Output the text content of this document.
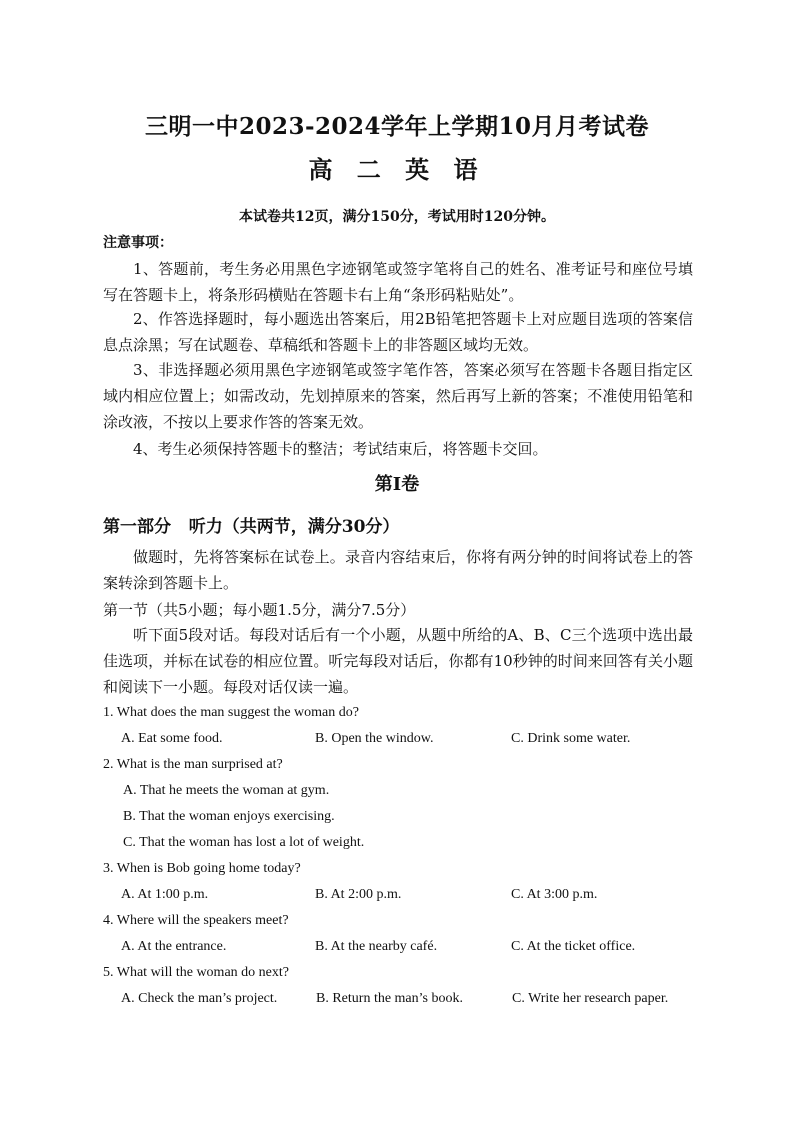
三明一中2023-2024学年上学期10月月考试卷
高 二 英 语
本试卷共12页，满分150分，考试用时120分钟。
注意事项：

1、答题前，考生务必用黑色字迹钢笔或签字笔将自己的姓名、准考证号和座位号填写在答题卡上，将条形码横贴在答题卡右上角“条形码粘贴处”。

2、作答选择题时，每小题选出答案后，用2B铅笔把答题卡上对应题目选项的答案信息点涂黑；写在试题卷、草稿纸和答题卡上的非答题区域均无效。

3、非选择题必须用黑色字迹钢笔或签字笔作答，答案必须写在答题卡各题目指定区域内相应位置上；如需改动，先划掉原来的答案，然后再写上新的答案；不准使用铅笔和涂改液，不按以上要求作答的答案无效。

4、考生必须保持答题卡的整洁；考试结束后，将答题卡交回。

第Ⅰ卷
第一部分   听力（共两节，满分30分）

做题时，先将答案标在试卷上。录音内容结束后，你将有两分钟的时间将试卷上的答案转涂到答题卡上。

第一节（共5小题；每小题1.5分，满分7.5分）

听下面5段对话。每段对话后有一个小题，从题中所给的A、B、C三个选项中选出最佳选项，并标在试卷的相应位置。听完每段对话后，你都有10秒钟的时间来回答有关小题和阅读下一小题。每段对话仅读一遍。

1. What does the man suggest the woman do?
A. Eat some food.	B. Open the window.	C. Drink some water.
2. What is the man surprised at?
A. That he meets the woman at gym.
B. That the woman enjoys exercising.
C. That the woman has lost a lot of weight.
3. When is Bob going home today?
A. At 1:00 p.m.	B. At 2:00 p.m.	C. At 3:00 p.m.
4. Where will the speakers meet?
A. At the entrance.	B. At the nearby café.	C. At the ticket office.
5. What will the woman do next?
A. Check the man’s project.	B. Return the man’s book.	C. Write her research paper.
